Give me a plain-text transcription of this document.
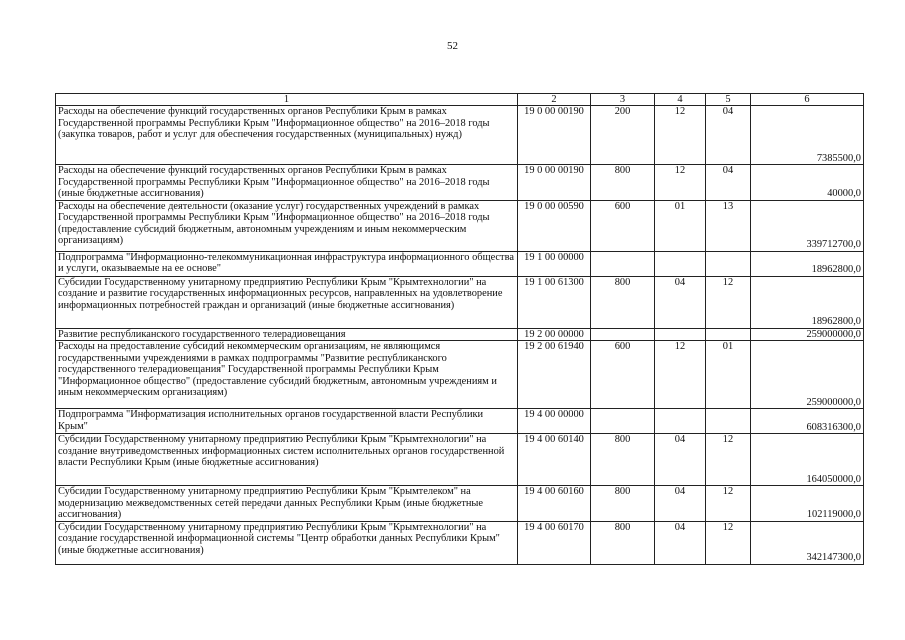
52
1	2	3	4	5	6
Расходы на обеспечение функций государственных органов Республики Крым в рамках Государственной программы Республики Крым "Информационное общество" на 2016–2018 годы (закупка товаров, работ и услуг для обеспечения государственных (муниципальных) нужд)	19 0 00 00190	200	12	04	7385500,0
Расходы на обеспечение функций государственных органов Республики Крым в рамках Государственной программы Республики Крым "Информационное общество" на 2016–2018 годы (иные бюджетные ассигнования)	19 0 00 00190	800	12	04	40000,0
Расходы на обеспечение деятельности (оказание услуг) государственных учреждений в рамках Государственной программы Республики Крым "Информационное общество" на 2016–2018 годы (предоставление субсидий бюджетным, автономным учреждениям и иным некоммерческим организациям)	19 0 00 00590	600	01	13	339712700,0
Подпрограмма "Информационно-телекоммуникационная инфраструктура информационного общества и услуги, оказываемые на ее основе"	19 1 00 00000				18962800,0
Субсидии Государственному унитарному предприятию Республики Крым "Крымтехнологии" на создание и развитие государственных информационных ресурсов, направленных на удовлетворение информационных потребностей граждан и организаций (иные бюджетные ассигнования)	19 1 00 61300	800	04	12	18962800,0
Развитие республиканского государственного телерадиовещания	19 2 00 00000				259000000,0
Расходы на предоставление субсидий некоммерческим организациям, не являющимся государственными учреждениями в рамках подпрограммы "Развитие республиканского государственного телерадиовещания" Государственной программы Республики Крым "Информационное общество" (предоставление субсидий бюджетным, автономным учреждениям и иным некоммерческим организациям)	19 2 00 61940	600	12	01	259000000,0
Подпрограмма "Информатизация исполнительных органов государственной власти Республики Крым"	19 4 00 00000				608316300,0
Субсидии Государственному унитарному предприятию Республики Крым "Крымтехнологии" на создание внутриведомственных информационных систем исполнительных органов государственной власти Республики Крым (иные бюджетные ассигнования)	19 4 00 60140	800	04	12	164050000,0
Субсидии Государственному унитарному предприятию Республики Крым "Крымтелеком" на модернизацию межведомственных сетей передачи данных Республики Крым (иные бюджетные ассигнования)	19 4 00 60160	800	04	12	102119000,0
Субсидии Государственному унитарному предприятию Республики Крым "Крымтехнологии" на создание государственной информационной системы "Центр обработки данных Республики Крым" (иные бюджетные ассигнования)	19 4 00 60170	800	04	12	342147300,0
